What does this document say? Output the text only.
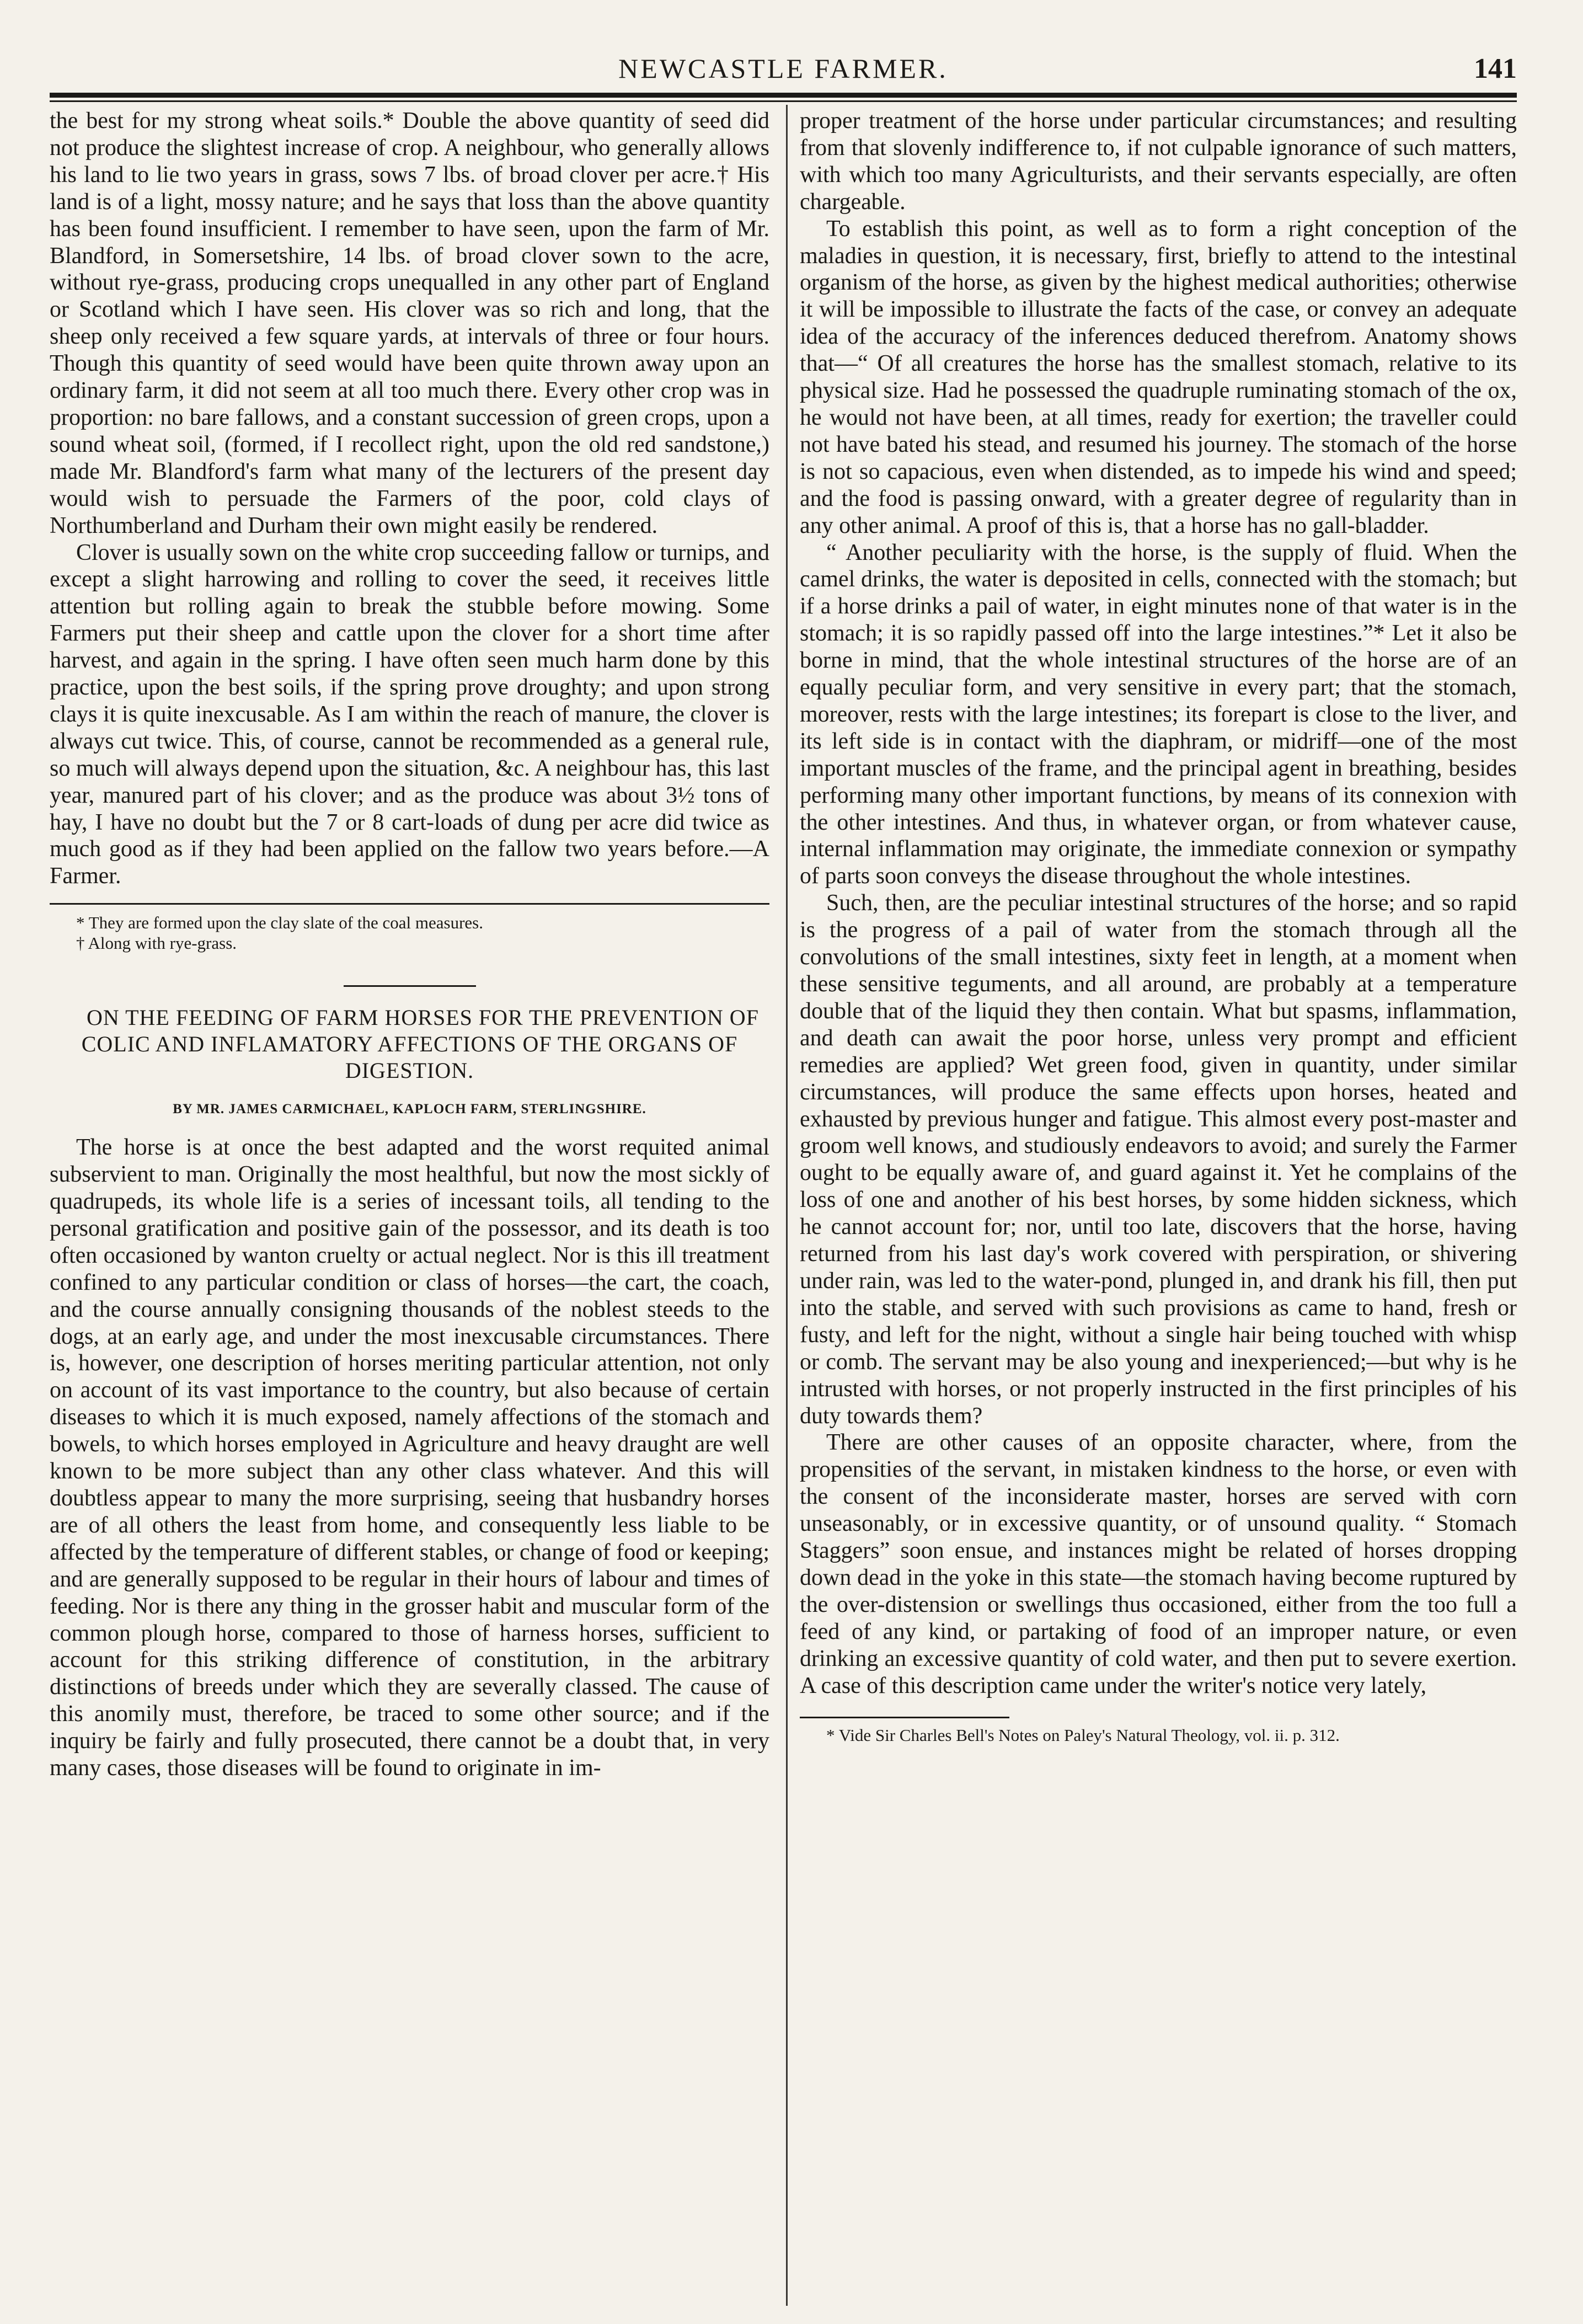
NEWCASTLE FARMER.	141

the best for my strong wheat soils.* Double the above quantity of seed did not produce the slightest increase of crop. A neighbour, who generally allows his land to lie two years in grass, sows 7 lbs. of broad clover per acre.† His land is of a light, mossy nature; and he says that loss than the above quantity has been found insufficient. I remember to have seen, upon the farm of Mr. Blandford, in Somersetshire, 14 lbs. of broad clover sown to the acre, without rye-grass, producing crops unequalled in any other part of England or Scotland which I have seen. His clover was so rich and long, that the sheep only received a few square yards, at intervals of three or four hours. Though this quantity of seed would have been quite thrown away upon an ordinary farm, it did not seem at all too much there. Every other crop was in proportion: no bare fallows, and a constant succession of green crops, upon a sound wheat soil, (formed, if I recollect right, upon the old red sandstone,) made Mr. Blandford's farm what many of the lecturers of the present day would wish to persuade the Farmers of the poor, cold clays of Northumberland and Durham their own might easily be rendered.

Clover is usually sown on the white crop succeeding fallow or turnips, and except a slight harrowing and rolling to cover the seed, it receives little attention but rolling again to break the stubble before mowing. Some Farmers put their sheep and cattle upon the clover for a short time after harvest, and again in the spring. I have often seen much harm done by this practice, upon the best soils, if the spring prove droughty; and upon strong clays it is quite inexcusable. As I am within the reach of manure, the clover is always cut twice. This, of course, cannot be recommended as a general rule, so much will always depend upon the situation, &c. A neighbour has, this last year, manured part of his clover; and as the produce was about 3½ tons of hay, I have no doubt but the 7 or 8 cart-loads of dung per acre did twice as much good as if they had been applied on the fallow two years before.—A Farmer.

* They are formed upon the clay slate of the coal measures.

† Along with rye-grass.

ON THE FEEDING OF FARM HORSES FOR THE PREVENTION OF COLIC AND INFLAMATORY AFFECTIONS OF THE ORGANS OF DIGESTION.

BY MR. JAMES CARMICHAEL, KAPLOCH FARM, STERLINGSHIRE.

The horse is at once the best adapted and the worst requited animal subservient to man. Originally the most healthful, but now the most sickly of quadrupeds, its whole life is a series of incessant toils, all tending to the personal gratification and positive gain of the possessor, and its death is too often occasioned by wanton cruelty or actual neglect. Nor is this ill treatment confined to any particular condition or class of horses—the cart, the coach, and the course annually consigning thousands of the noblest steeds to the dogs, at an early age, and under the most inexcusable circumstances. There is, however, one description of horses meriting particular attention, not only on account of its vast importance to the country, but also because of certain diseases to which it is much exposed, namely affections of the stomach and bowels, to which horses employed in Agriculture and heavy draught are well known to be more subject than any other class whatever. And this will doubtless appear to many the more surprising, seeing that husbandry horses are of all others the least from home, and consequently less liable to be affected by the temperature of different stables, or change of food or keeping; and are generally supposed to be regular in their hours of labour and times of feeding. Nor is there any thing in the grosser habit and muscular form of the common plough horse, compared to those of harness horses, sufficient to account for this striking difference of constitution, in the arbitrary distinctions of breeds under which they are severally classed. The cause of this anomily must, therefore, be traced to some other source; and if the inquiry be fairly and fully prosecuted, there cannot be a doubt that, in very many cases, those diseases will be found to originate in im-

proper treatment of the horse under particular circumstances; and resulting from that slovenly indifference to, if not culpable ignorance of such matters, with which too many Agriculturists, and their servants especially, are often chargeable.

To establish this point, as well as to form a right conception of the maladies in question, it is necessary, first, briefly to attend to the intestinal organism of the horse, as given by the highest medical authorities; otherwise it will be impossible to illustrate the facts of the case, or convey an adequate idea of the accuracy of the inferences deduced therefrom. Anatomy shows that—“ Of all creatures the horse has the smallest stomach, relative to its physical size. Had he possessed the quadruple ruminating stomach of the ox, he would not have been, at all times, ready for exertion; the traveller could not have bated his stead, and resumed his journey. The stomach of the horse is not so capacious, even when distended, as to impede his wind and speed; and the food is passing onward, with a greater degree of regularity than in any other animal. A proof of this is, that a horse has no gall-bladder.

“ Another peculiarity with the horse, is the supply of fluid. When the camel drinks, the water is deposited in cells, connected with the stomach; but if a horse drinks a pail of water, in eight minutes none of that water is in the stomach; it is so rapidly passed off into the large intestines.”* Let it also be borne in mind, that the whole intestinal structures of the horse are of an equally peculiar form, and very sensitive in every part; that the stomach, moreover, rests with the large intestines; its forepart is close to the liver, and its left side is in contact with the diaphram, or midriff—one of the most important muscles of the frame, and the principal agent in breathing, besides performing many other important functions, by means of its connexion with the other intestines. And thus, in whatever organ, or from whatever cause, internal inflammation may originate, the immediate connexion or sympathy of parts soon conveys the disease throughout the whole intestines.

Such, then, are the peculiar intestinal structures of the horse; and so rapid is the progress of a pail of water from the stomach through all the convolutions of the small intestines, sixty feet in length, at a moment when these sensitive teguments, and all around, are probably at a temperature double that of the liquid they then contain. What but spasms, inflammation, and death can await the poor horse, unless very prompt and efficient remedies are applied? Wet green food, given in quantity, under similar circumstances, will produce the same effects upon horses, heated and exhausted by previous hunger and fatigue. This almost every post-master and groom well knows, and studiously endeavors to avoid; and surely the Farmer ought to be equally aware of, and guard against it. Yet he complains of the loss of one and another of his best horses, by some hidden sickness, which he cannot account for; nor, until too late, discovers that the horse, having returned from his last day's work covered with perspiration, or shivering under rain, was led to the water-pond, plunged in, and drank his fill, then put into the stable, and served with such provisions as came to hand, fresh or fusty, and left for the night, without a single hair being touched with whisp or comb. The servant may be also young and inexperienced;—but why is he intrusted with horses, or not properly instructed in the first principles of his duty towards them?

There are other causes of an opposite character, where, from the propensities of the servant, in mistaken kindness to the horse, or even with the consent of the inconsiderate master, horses are served with corn unseasonably, or in excessive quantity, or of unsound quality. “ Stomach Staggers” soon ensue, and instances might be related of horses dropping down dead in the yoke in this state—the stomach having become ruptured by the over-distension or swellings thus occasioned, either from the too full a feed of any kind, or partaking of food of an improper nature, or even drinking an excessive quantity of cold water, and then put to severe exertion. A case of this description came under the writer's notice very lately,

* Vide Sir Charles Bell's Notes on Paley's Natural Theology, vol. ii. p. 312.
